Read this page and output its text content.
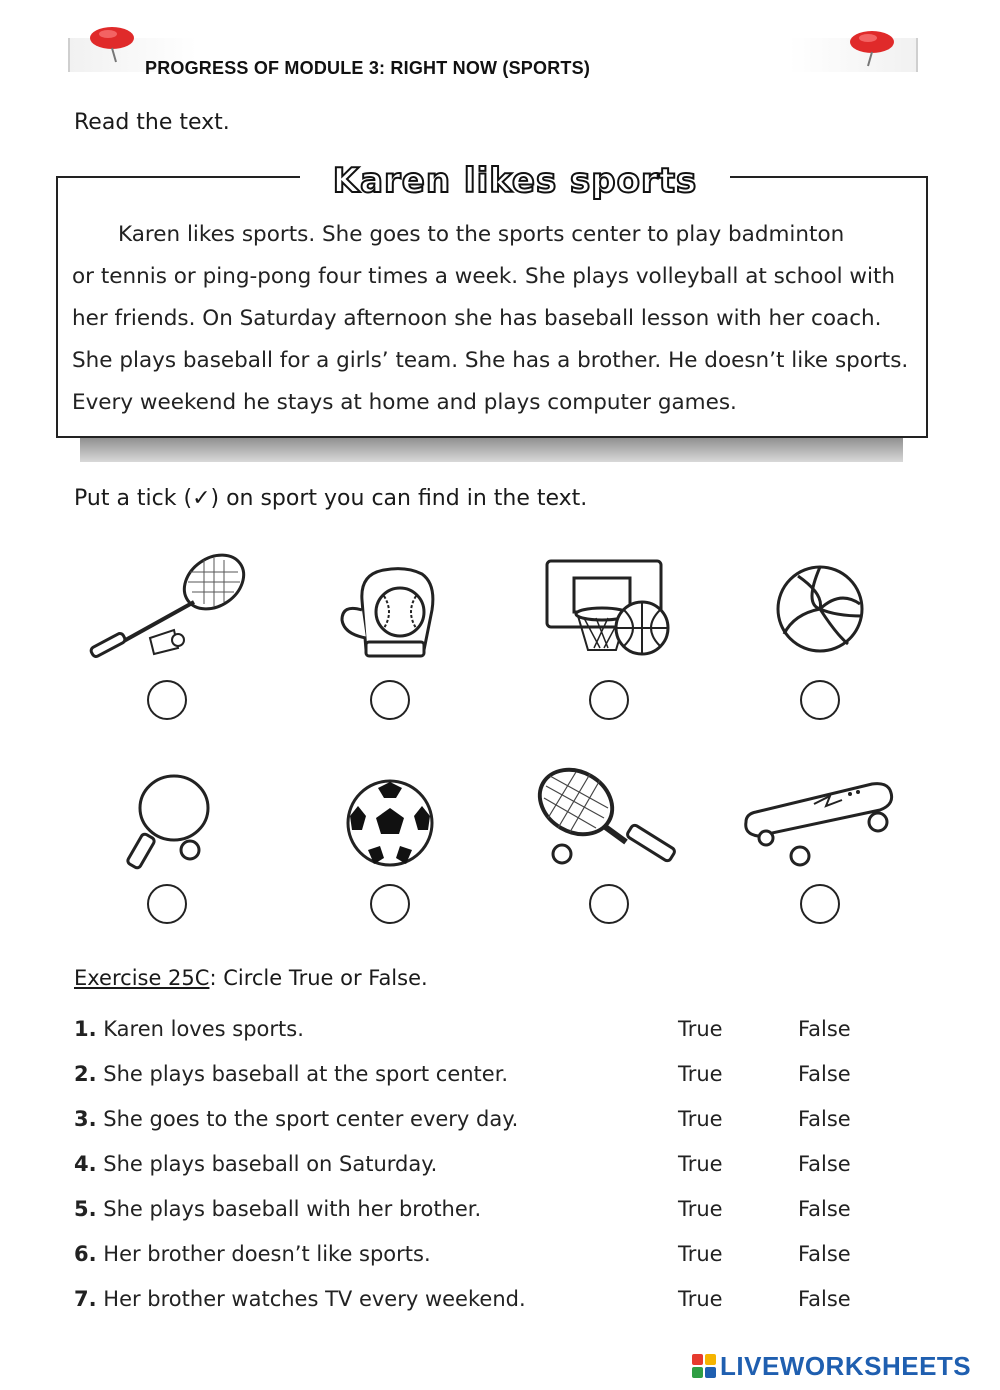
PROGRESS OF MODULE 3: RIGHT NOW (SPORTS)
Read the text.
Karen likes sports
Karen likes sports. She goes to the sports center to play badminton
or tennis or ping-pong four times a week. She plays volleyball at school with
her friends. On Saturday afternoon she has baseball lesson with her coach.
She plays baseball for a girls’ team. She has a brother. He doesn’t like sports.
Every weekend he stays at home and plays computer games.
Put a tick (✓) on sport you can find in the text.
Exercise 25C: Circle True or False.
1. Karen loves sports.	True	False
2. She plays baseball at the sport center.	True	False
3. She goes to the sport center every day.	True	False
4. She plays baseball on Saturday.	True	False
5. She plays baseball with her brother.	True	False
6. Her brother doesn’t like sports.	True	False
7. Her brother watches TV every weekend.	True	False
LIVEWORKSHEETS
